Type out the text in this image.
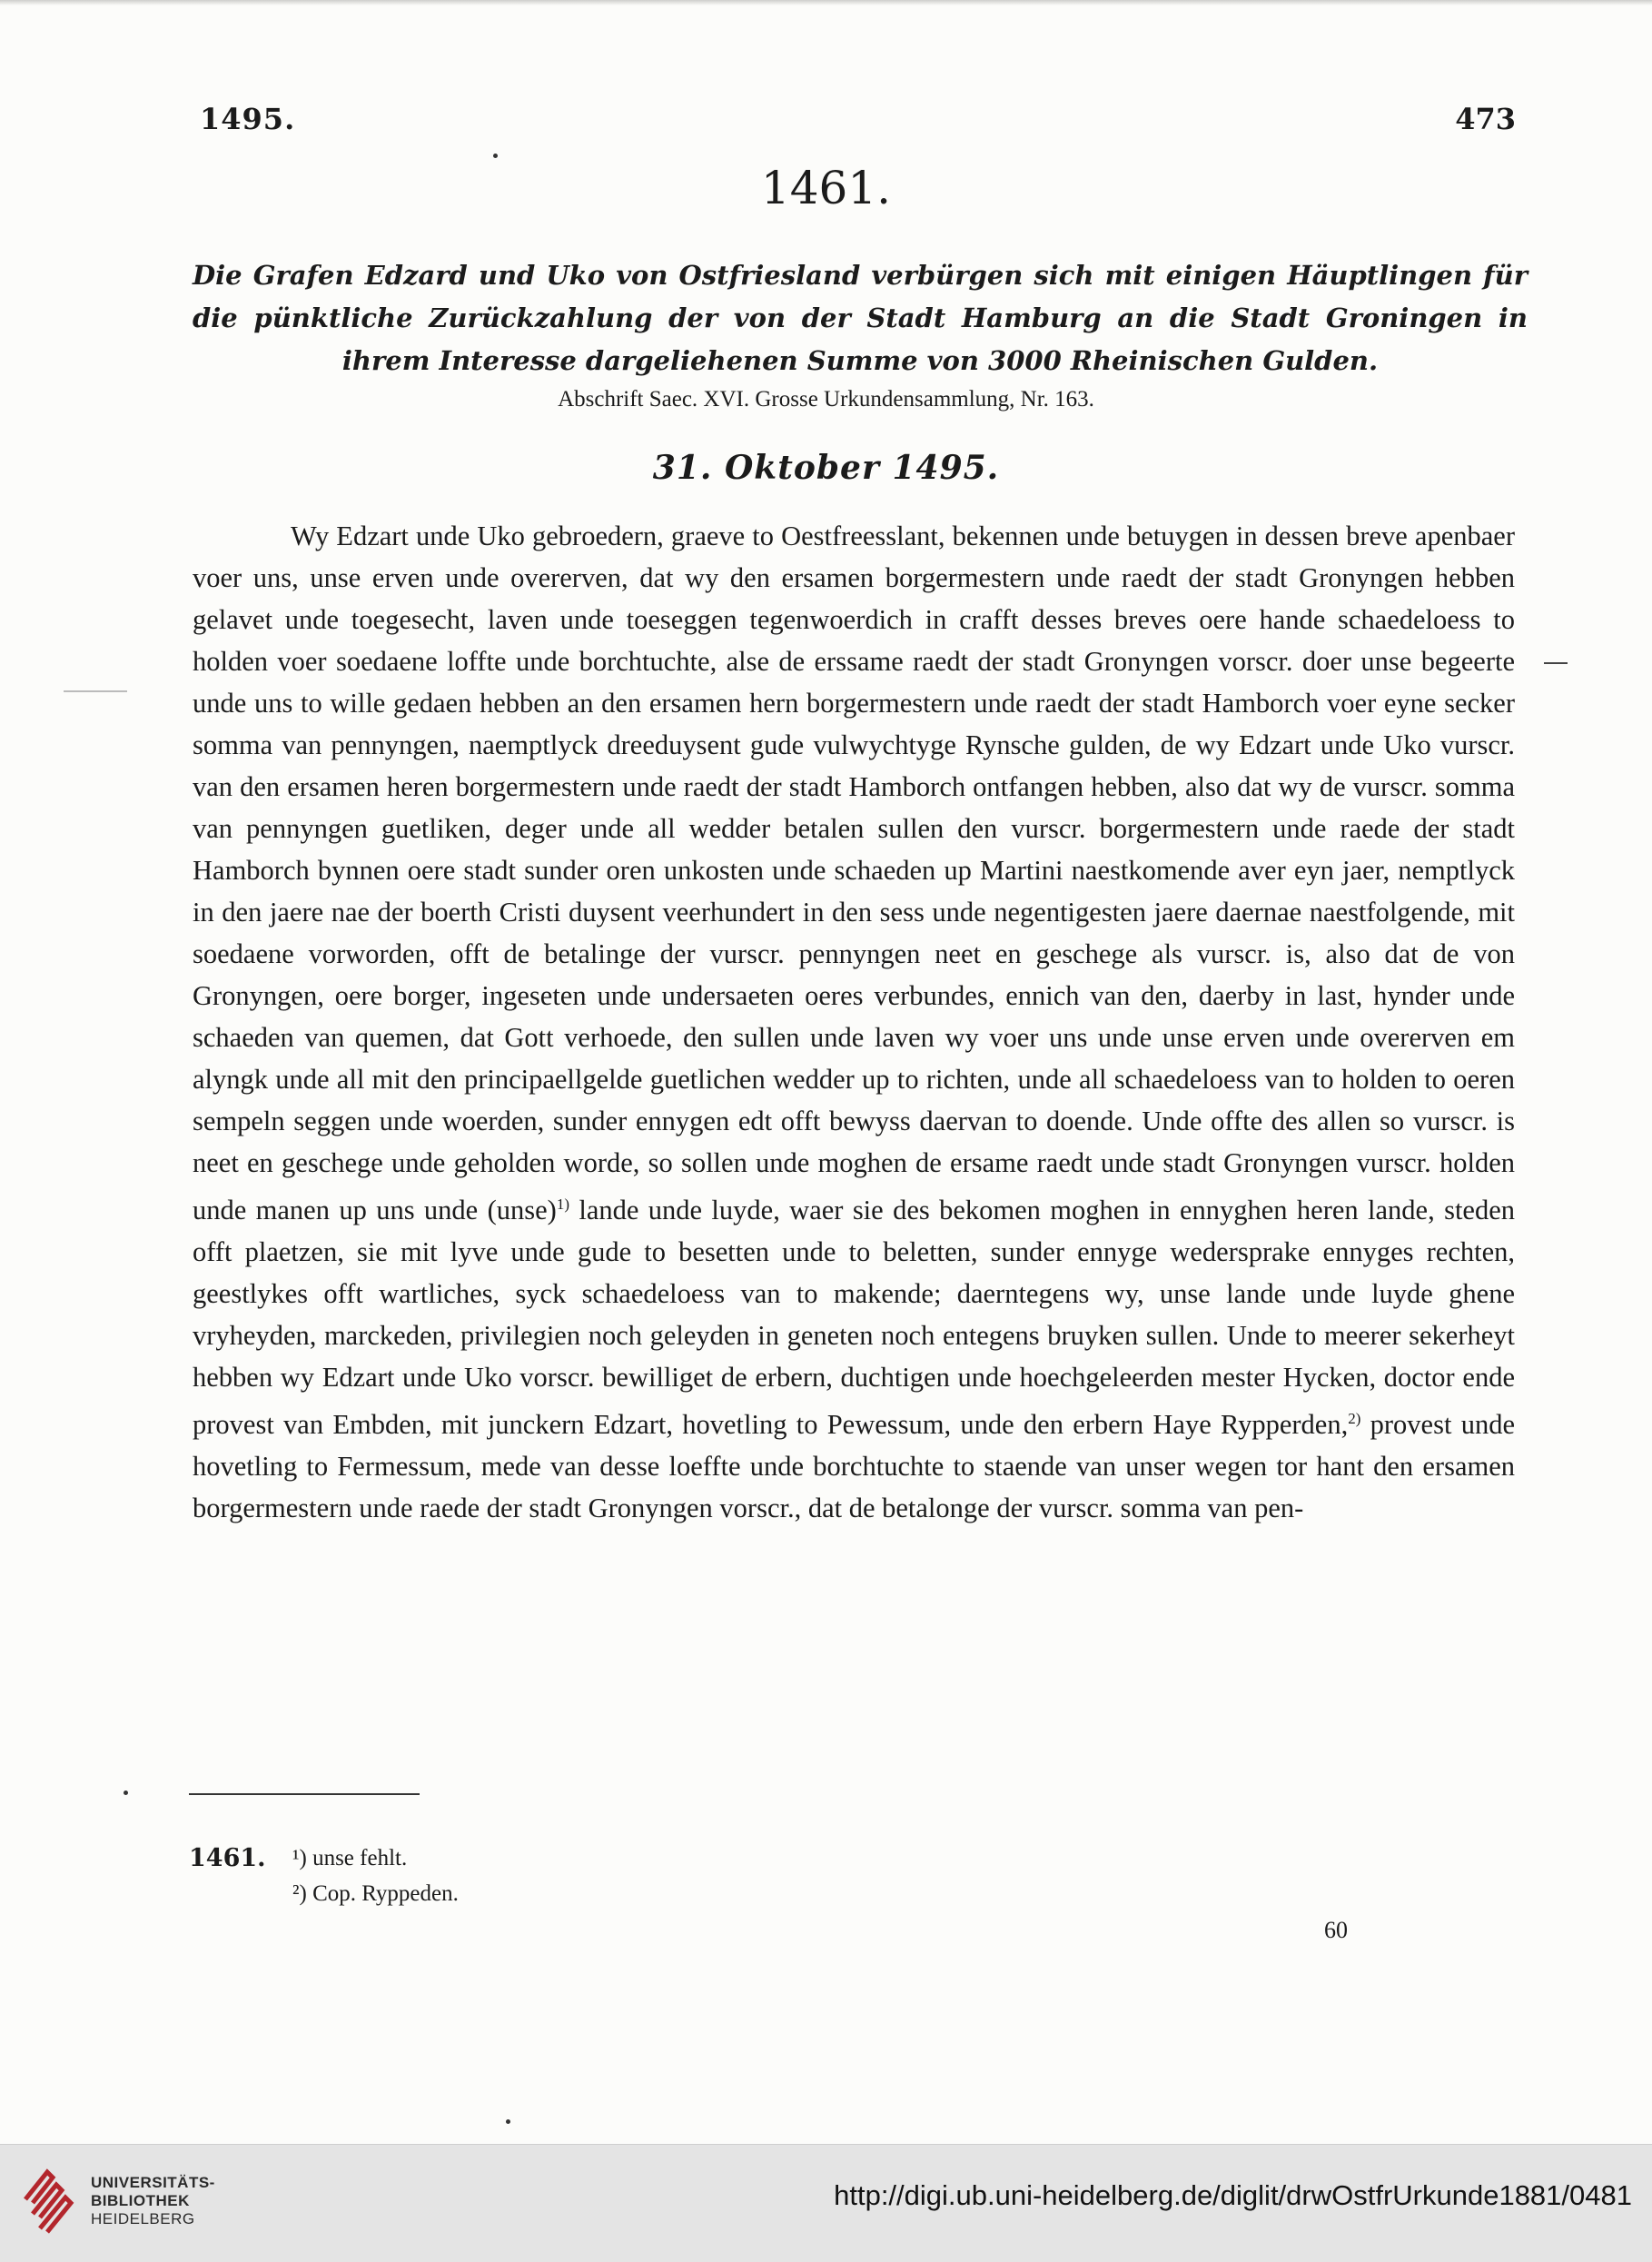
1495.	473
1461.
Die Grafen Edzard und Uko von Ostfriesland verbürgen sich mit einigen Häuptlingen für die pünktliche Zurückzahlung der von der Stadt Hamburg an die Stadt Groningen in ihrem Interesse dargeliehenen Summe von 3000 Rheinischen Gulden.
Abschrift Saec. XVI. Grosse Urkundensammlung, Nr. 163.
31. Oktober 1495.
Wy Edzart unde Uko gebroedern, graeve to Oestfreesslant, bekennen unde betuygen in dessen breve apenbaer voer uns, unse erven unde overerven, dat wy den ersamen borgermestern unde raedt der stadt Gronyngen hebben gelavet unde toegesecht, laven unde toeseggen tegenwoerdich in crafft desses breves oere hande schaedeloess to holden voer soedaene loffte unde borchtuchte, alse de erssame raedt der stadt Gronyngen vorscr. doer unse begeerte unde uns to wille gedaen hebben an den ersamen hern borgermestern unde raedt der stadt Hamborch voer eyne secker somma van pennyngen, naemptlyck dreeduysent gude vulwychtyge Rynsche gulden, de wy Edzart unde Uko vurscr. van den ersamen heren borgermestern unde raedt der stadt Hamborch ontfangen hebben, also dat wy de vurscr. somma van pennyngen guetliken, deger unde all wedder betalen sullen den vurscr. borgermestern unde raede der stadt Hamborch bynnen oere stadt sunder oren unkosten unde schaeden up Martini naestkomende aver eyn jaer, nemptlyck in den jaere nae der boerth Cristi duysent veerhundert in den sess unde negentigesten jaere daernae naestfolgende, mit soedaene vorworden, offt de betalinge der vurscr. pennyngen neet en geschege als vurscr. is, also dat de von Gronyngen, oere borger, ingeseten unde undersaeten oeres verbundes, ennich van den, daerby in last, hynder unde schaeden van quemen, dat Gott verhoede, den sullen unde laven wy voer uns unde unse erven unde overerven em alyngk unde all mit den principaellgelde guetlichen wedder up to richten, unde all schaedeloess van to holden to oeren sempeln seggen unde woerden, sunder ennygen edt offt bewyss daervan to doende. Unde offte des allen so vurscr. is neet en geschege unde geholden worde, so sollen unde moghen de ersame raedt unde stadt Gronyngen vurscr. holden unde manen up uns unde (unse)$^{1)}$ lande unde luyde, waer sie des bekomen moghen in ennyghen heren lande, steden offt plaetzen, sie mit lyve unde gude to besetten unde to beletten, sunder ennyge wedersprake ennyges rechten, geestlykes offt wartliches, syck schaedeloess van to makende; daerntegens wy, unse lande unde luyde ghene vryheyden, marckeden, privilegien noch geleyden in geneten noch entegens bruyken sullen. Unde to meerer sekerheyt hebben wy Edzart unde Uko vorscr. bewilliget de erbern, duchtigen unde hoechgeleerden mester Hycken, doctor ende provest van Embden, mit junckern Edzart, hovetling to Pewessum, unde den erbern Haye Rypperden,$^{2)}$ provest unde hovetling to Fermessum, mede van desse loeffte unde borchtuchte to staende van unser wegen tor hant den ersamen borgermestern unde raede der stadt Gronyngen vorscr., dat de betalonge der vurscr. somma van pen-
1461. ¹) unse fehlt.
²) Cop. Ryppeden.
60
UNIVERSITÄTS-
BIBLIOTHEK
HEIDELBERG
http://digi.ub.uni-heidelberg.de/diglit/drwOstfrUrkunde1881/0481
